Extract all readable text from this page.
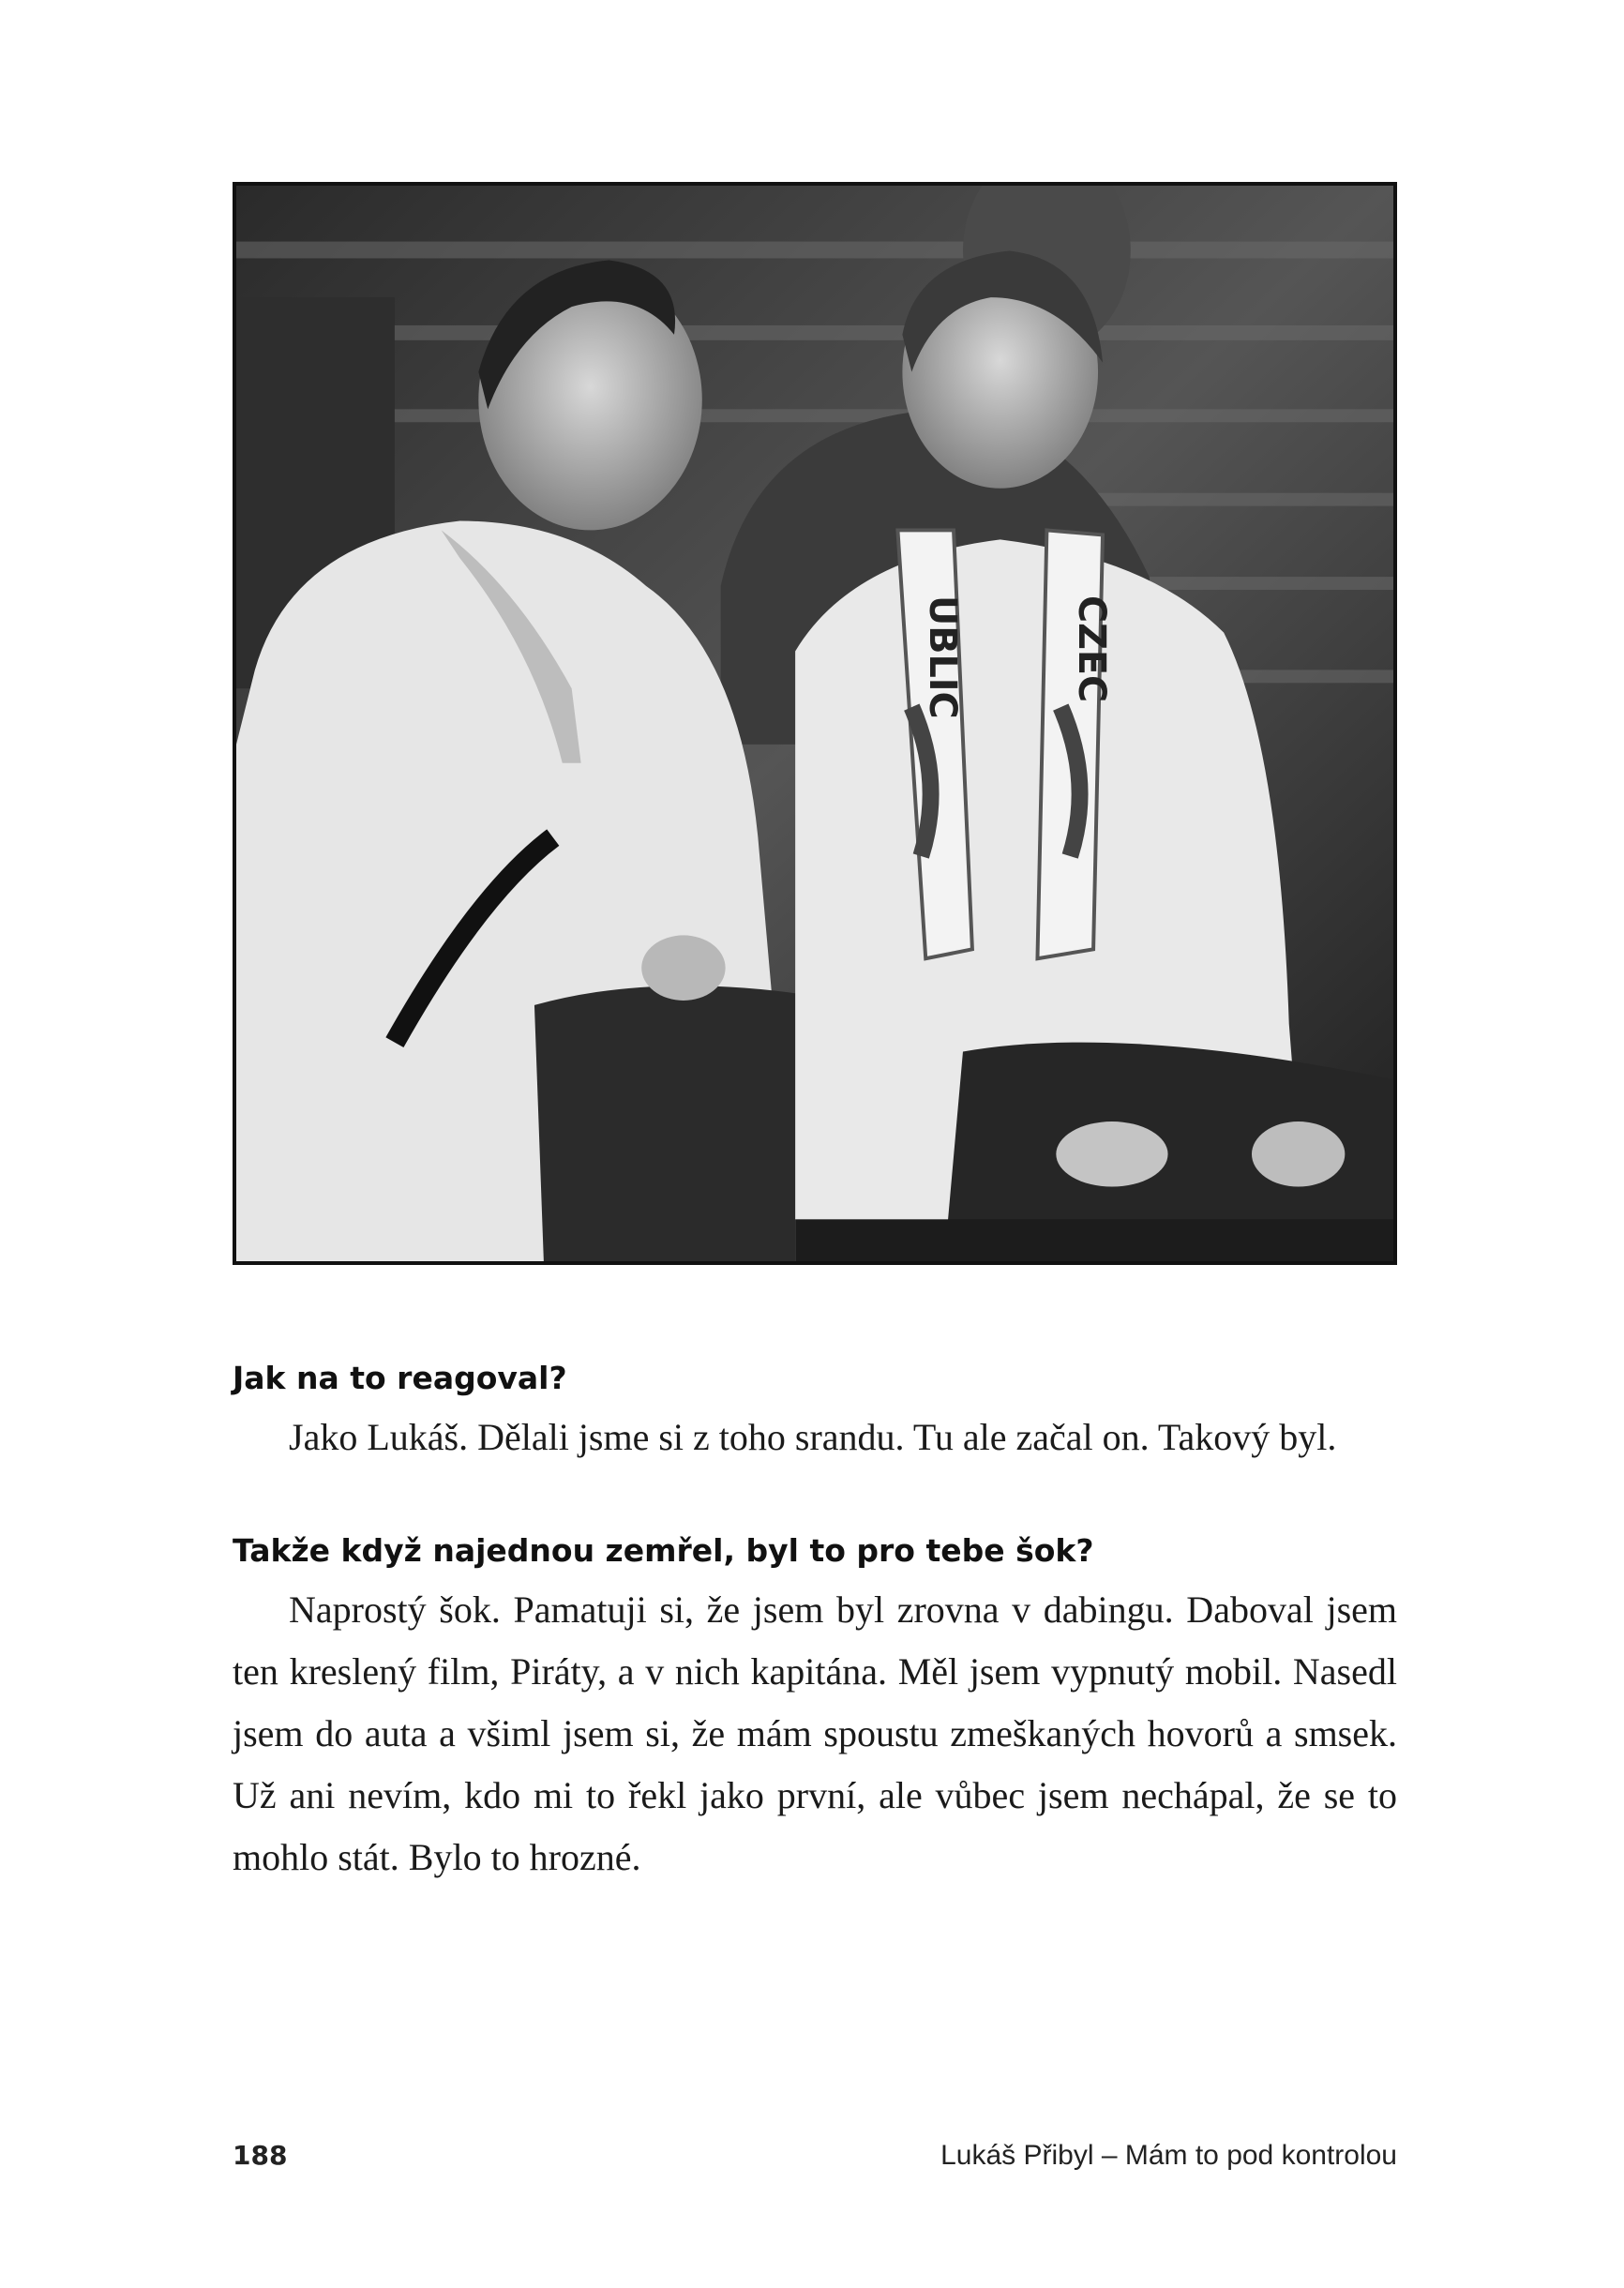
UBLIC	CZEC

Jak na to reagoval?

Jako Lukáš. Dělali jsme si z toho srandu. Tu ale začal on. Takový byl.

Takže když najednou zemřel, byl to pro tebe šok?

Naprostý šok. Pamatuji si, že jsem byl zrovna v dabingu. Daboval jsem ten kreslený film, Piráty, a v nich kapitána. Měl jsem vypnutý mobil. Nasedl jsem do auta a všiml jsem si, že mám spoustu zmeškaných hovorů a smsek. Už ani nevím, kdo mi to řekl jako první, ale vůbec jsem nechápal, že se to mohlo stát. Bylo to hrozné.

188	Lukáš Přibyl – Mám to pod kontrolou
